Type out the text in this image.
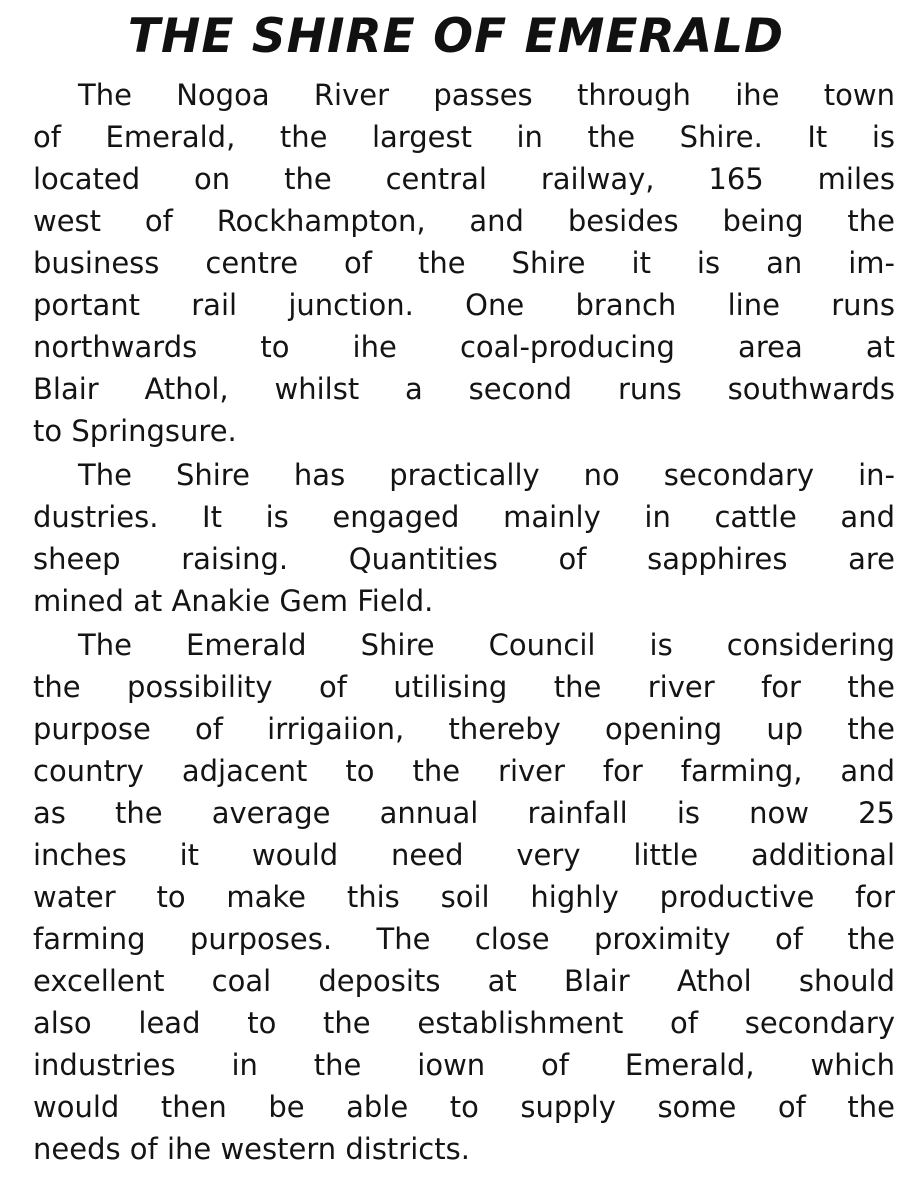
THE SHIRE OF EMERALD
The Nogoa River passes through ihe town
of Emerald, the largest in the Shire. It is
located on the central railway, 165 miles
west of Rockhampton, and besides being the
business centre of the Shire it is an im-
portant rail junction. One branch line runs
northwards to ihe coal-producing area at
Blair Athol, whilst a second runs southwards
to Springsure.
The Shire has practically no secondary in-
dustries. It is engaged mainly in cattle and
sheep raising. Quantities of sapphires are
mined at Anakie Gem Field.
The Emerald Shire Council is considering
the possibility of utilising the river for the
purpose of irrigaiion, thereby opening up the
country adjacent to the river for farming, and
as the average annual rainfall is now 25
inches it would need very little additional
water to make this soil highly productive for
farming purposes. The close proximity of the
excellent coal deposits at Blair Athol should
also lead to the establishment of secondary
industries in the iown of Emerald, which
would then be able to supply some of the
needs of ihe western districts.
